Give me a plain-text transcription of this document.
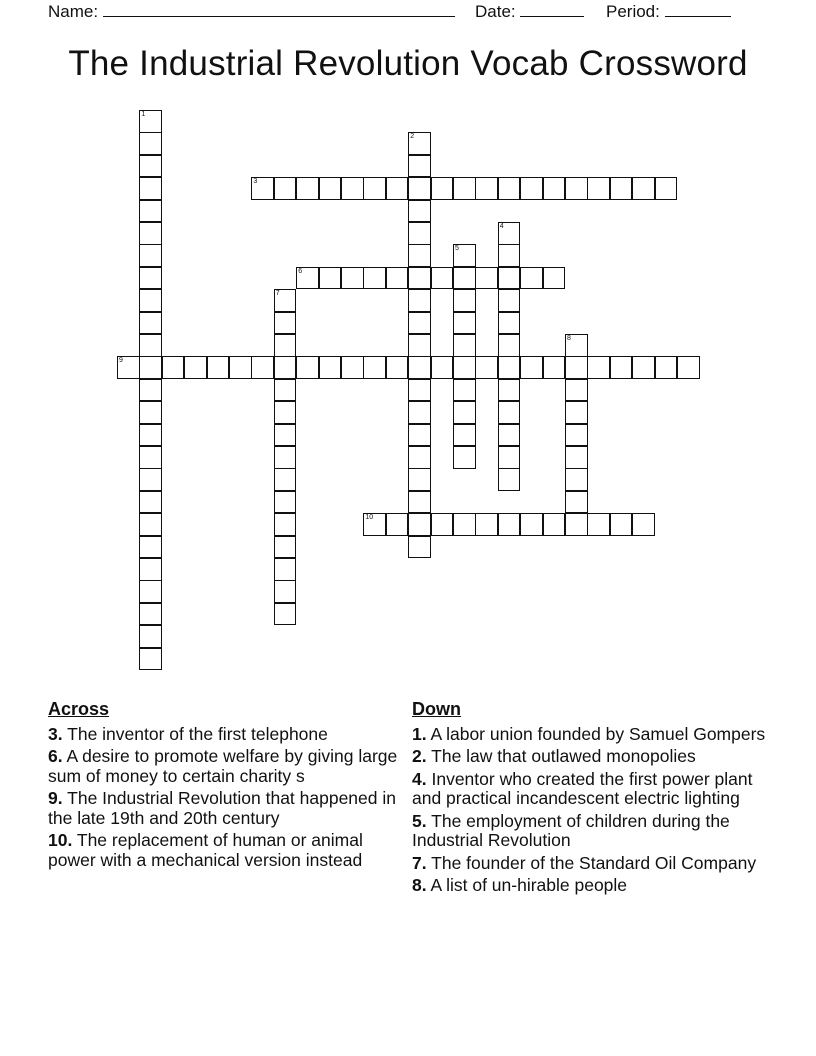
Name:	Date:	Period:
The Industrial Revolution Vocab Crossword
1
2
3
4
5
6
7
8
9
10
Across
3. The inventor of the first telephone
6. A desire to promote welfare by giving large sum of money to certain charity s
9. The Industrial Revolution that happened in the late 19th and 20th century
10. The replacement of human or animal power with a mechanical version instead
Down
1. A labor union founded by Samuel Gompers
2. The law that outlawed monopolies
4. Inventor who created the first power plant and practical incandescent electric lighting
5. The employment of children during the Industrial Revolution
7. The founder of the Standard Oil Company
8. A list of un-hirable people
